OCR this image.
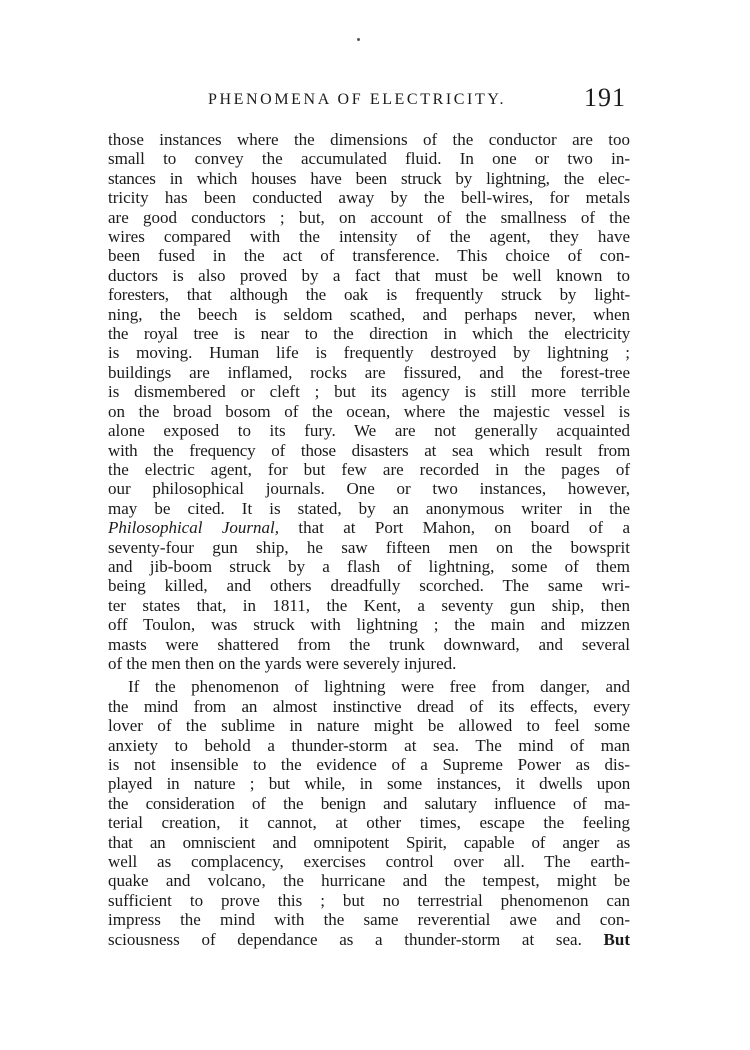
PHENOMENA OF ELECTRICITY.	191
those instances where the dimensions of the conductor are too
small to convey the accumulated fluid. In one or two in-
stances in which houses have been struck by lightning, the elec-
tricity has been conducted away by the bell-wires, for metals
are good conductors ; but, on account of the smallness of the
wires compared with the intensity of the agent, they have
been fused in the act of transference. This choice of con-
ductors is also proved by a fact that must be well known to
foresters, that although the oak is frequently struck by light-
ning, the beech is seldom scathed, and perhaps never, when
the royal tree is near to the direction in which the electricity
is moving. Human life is frequently destroyed by lightning ;
buildings are inflamed, rocks are fissured, and the forest-tree
is dismembered or cleft ; but its agency is still more terrible
on the broad bosom of the ocean, where the majestic vessel is
alone exposed to its fury. We are not generally acquainted
with the frequency of those disasters at sea which result from
the electric agent, for but few are recorded in the pages of
our philosophical journals. One or two instances, however,
may be cited. It is stated, by an anonymous writer in the
Philosophical Journal, that at Port Mahon, on board of a
seventy-four gun ship, he saw fifteen men on the bowsprit
and jib-boom struck by a flash of lightning, some of them
being killed, and others dreadfully scorched. The same wri-
ter states that, in 1811, the Kent, a seventy gun ship, then
off Toulon, was struck with lightning ; the main and mizzen
masts were shattered from the trunk downward, and several
of the men then on the yards were severely injured.
If the phenomenon of lightning were free from danger, and
the mind from an almost instinctive dread of its effects, every
lover of the sublime in nature might be allowed to feel some
anxiety to behold a thunder-storm at sea. The mind of man
is not insensible to the evidence of a Supreme Power as dis-
played in nature ; but while, in some instances, it dwells upon
the consideration of the benign and salutary influence of ma-
terial creation, it cannot, at other times, escape the feeling
that an omniscient and omnipotent Spirit, capable of anger as
well as complacency, exercises control over all. The earth-
quake and volcano, the hurricane and the tempest, might be
sufficient to prove this ; but no terrestrial phenomenon can
impress the mind with the same reverential awe and con-
sciousness of dependance as a thunder-storm at sea. But
